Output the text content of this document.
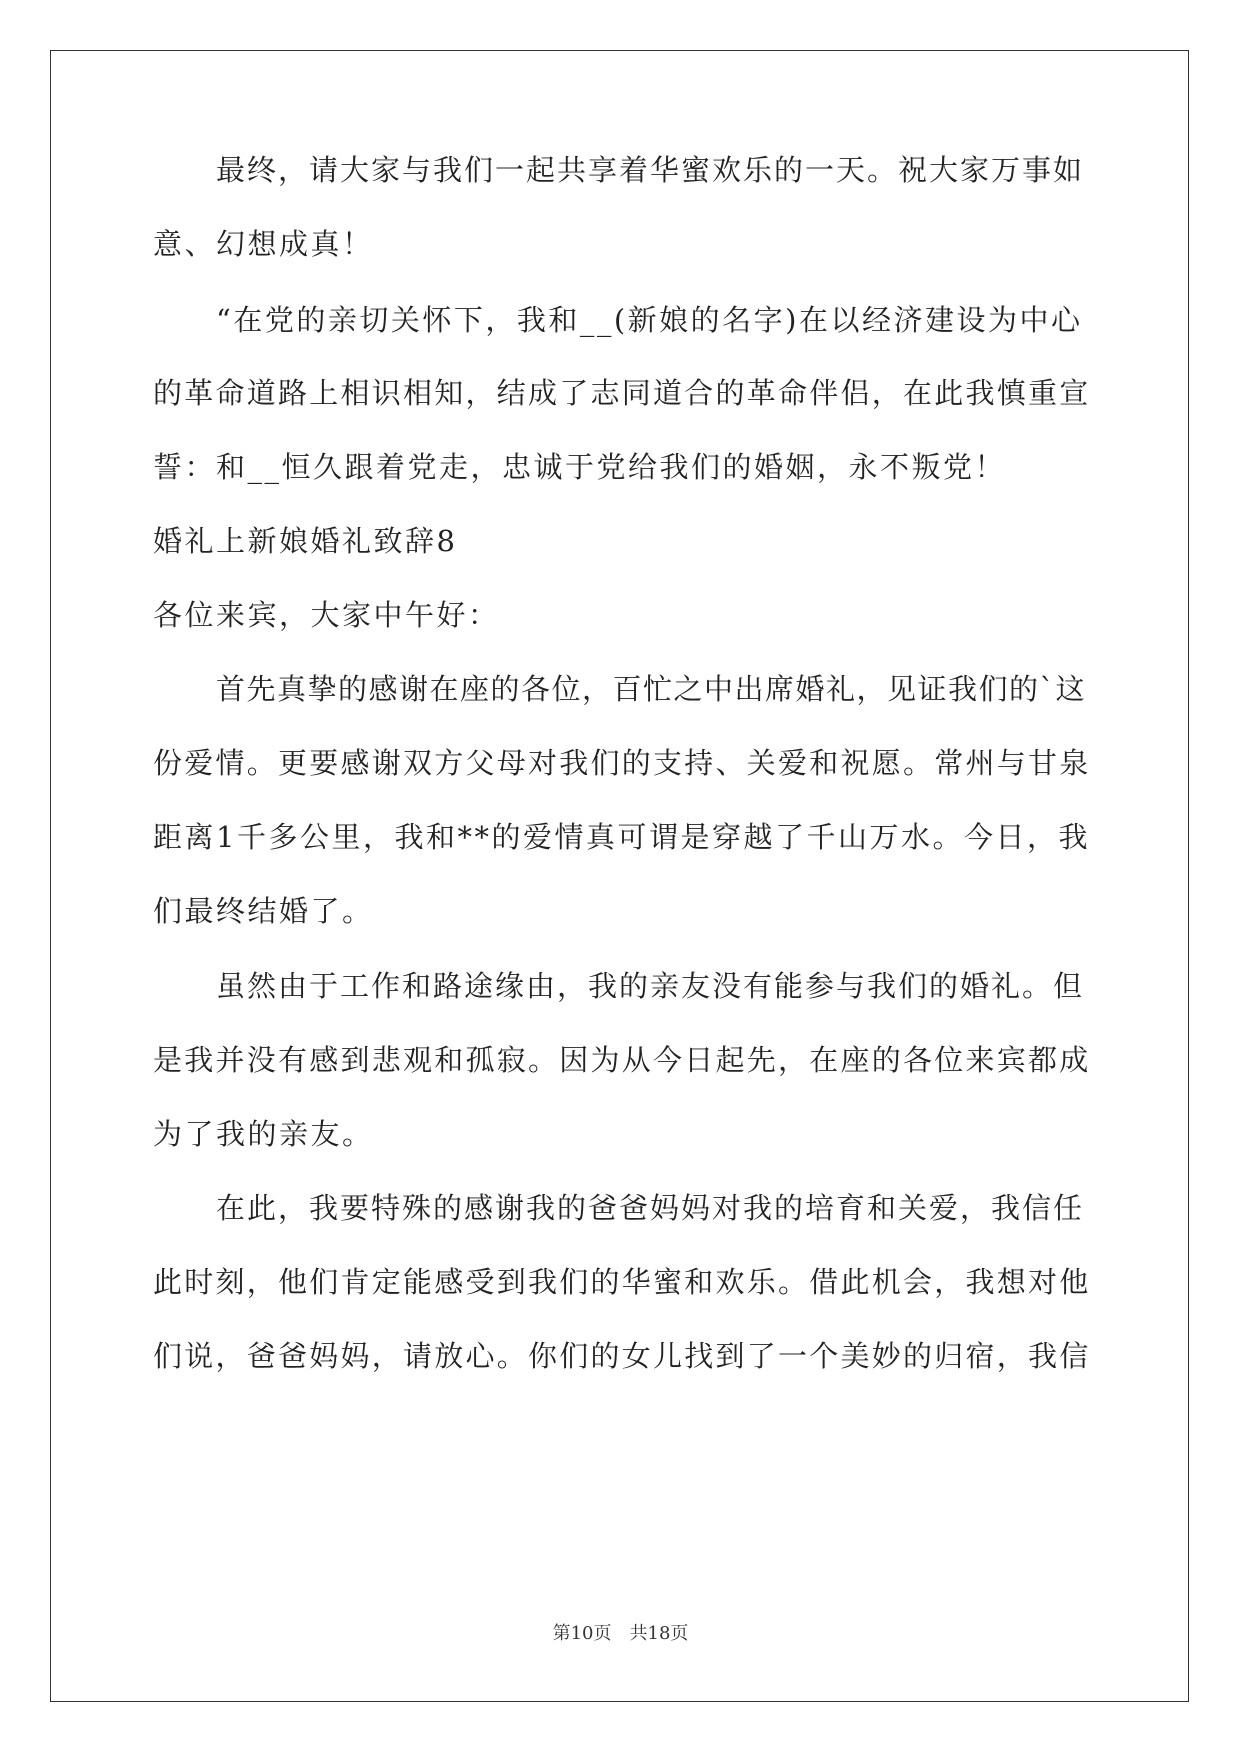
最终，请大家与我们一起共享着华蜜欢乐的一天。祝大家万事如
意、幻想成真！
“在党的亲切关怀下，我和__(新娘的名字)在以经济建设为中心
的革命道路上相识相知，结成了志同道合的革命伴侣，在此我慎重宣
誓：和__恒久跟着党走，忠诚于党给我们的婚姻，永不叛党！
婚礼上新娘婚礼致辞8
各位来宾，大家中午好：
首先真挚的感谢在座的各位，百忙之中出席婚礼，见证我们的`这
份爱情。更要感谢双方父母对我们的支持、关爱和祝愿。常州与甘泉
距离1千多公里，我和**的爱情真可谓是穿越了千山万水。今日，我
们最终结婚了。
虽然由于工作和路途缘由，我的亲友没有能参与我们的婚礼。但
是我并没有感到悲观和孤寂。因为从今日起先，在座的各位来宾都成
为了我的亲友。
在此，我要特殊的感谢我的爸爸妈妈对我的培育和关爱，我信任
此时刻，他们肯定能感受到我们的华蜜和欢乐。借此机会，我想对他
们说，爸爸妈妈，请放心。你们的女儿找到了一个美妙的归宿，我信
第10页　共18页
